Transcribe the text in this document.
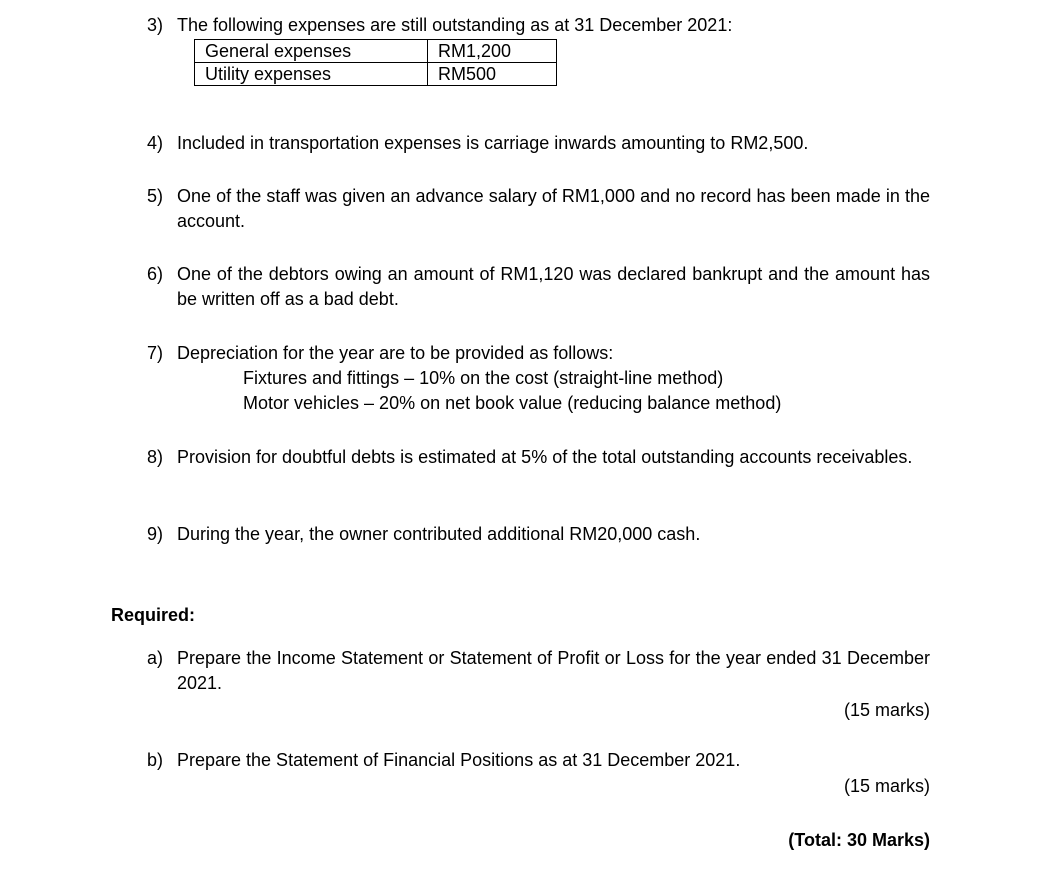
3) The following expenses are still outstanding as at 31 December 2021:
General expenses	RM1,200
Utility expenses	RM500
4) Included in transportation expenses is carriage inwards amounting to RM2,500.
5) One of the staff was given an advance salary of RM1,000 and no record has been made in the account.
6) One of the debtors owing an amount of RM1,120 was declared bankrupt and the amount has be written off as a bad debt.
7) Depreciation for the year are to be provided as follows:
Fixtures and fittings – 10% on the cost (straight-line method)
Motor vehicles – 20% on net book value (reducing balance method)
8) Provision for doubtful debts is estimated at 5% of the total outstanding accounts receivables.
9) During the year, the owner contributed additional RM20,000 cash.
Required:
a) Prepare the Income Statement or Statement of Profit or Loss for the year ended 31 December 2021.
(15 marks)
b) Prepare the Statement of Financial Positions as at 31 December 2021.
(15 marks)
(Total: 30 Marks)
